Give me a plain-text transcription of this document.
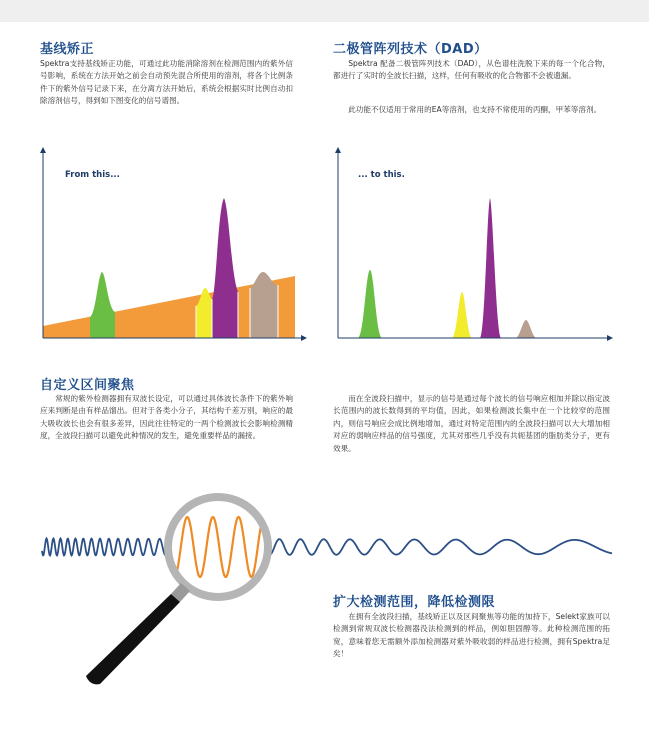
基线矫正

Spektra支持基线矫正功能，可通过此功能消除溶剂在检测范围内的紫外信号影响，系统在方法开始之前会自动预先混合所使用的溶剂，将各个比例条件下的紫外信号记录下来，在分离方法开始后，系统会根据实时比例自动扣除溶剂信号，得到如下图变化的信号谱图。

二极管阵列技术（DAD）

Spektra 配备二极管阵列技术（DAD），从色谱柱洗脱下来的每一个化合物，都进行了实时的全波长扫描，这样，任何有吸收的化合物都不会被遗漏。

此功能不仅适用于常用的EA等溶剂，也支持不常使用的丙酮，甲苯等溶剂。

From this...	... to this.
自定义区间聚焦

常规的紫外检测器拥有双波长设定，可以通过具体波长条件下的紫外响应来判断是由有样品馏出。但对于各类小分子，其结构千差万别，响应的最大吸收波长也会有很多差异，因此往往特定的一两个检测波长会影响检测精度，全波段扫描可以避免此种情况的发生，避免重要样品的漏接。

而在全波段扫描中，显示的信号是通过每个波长的信号响应相加并除以指定波长范围内的波长数得到的平均值，因此，如果检测波长集中在一个比较窄的范围内，则信号响应会成比例地增加，通过对特定范围内的全波段扫描可以大大增加相对应的弱响应样品的信号强度，尤其对那些几乎没有共轭基团的脂肪类分子，更有效果。

扩大检测范围，降低检测限

在拥有全波段扫描，基线矫正以及区间聚焦等功能的加持下，Selekt家族可以检测到常规双波长检测器没法检测到的样品，例如胆固醇等。此种检测范围的拓宽，意味着您无需额外添加检测器对紫外吸收弱的样品进行检测，拥有Spektra足矣！
